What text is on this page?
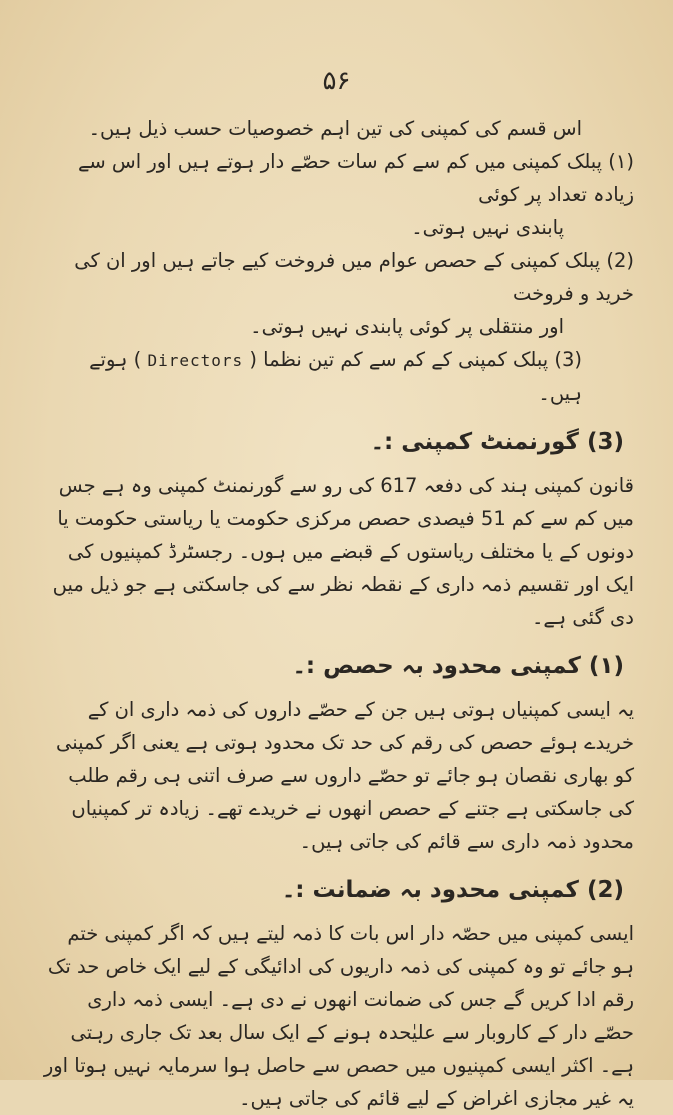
۵۶

اس قسم کی کمپنی کی تین اہم خصوصیات حسب ذیل ہیں۔

(۱) پبلک کمپنی میں کم سے کم سات حصّے دار ہوتے ہیں اور اس سے زیادہ تعداد پر کوئی

پابندی نہیں ہوتی۔

(2) پبلک کمپنی کے حصص عوام میں فروخت کیے جاتے ہیں اور ان کی خرید و فروخت

اور منتقلی پر کوئی پابندی نہیں ہوتی۔

(3) پبلک کمپنی کے کم سے کم تین نظما ( Directors ) ہوتے ہیں۔

(3) گورنمنٹ کمپنی :۔

قانون کمپنی ہند کی دفعہ 617 کی رو سے گورنمنٹ کمپنی وہ ہے جس میں کم سے کم 51 فیصدی حصص مرکزی حکومت یا ریاستی حکومت یا دونوں کے یا مختلف ریاستوں کے قبضے میں ہوں۔ رجسٹرڈ کمپنیوں کی ایک اور تقسیم ذمہ داری کے نقطہ نظر سے کی جاسکتی ہے جو ذیل میں دی گئی ہے۔

(۱) کمپنی محدود بہ حصص :۔

یہ ایسی کمپنیاں ہوتی ہیں جن کے حصّے داروں کی ذمہ داری ان کے خریدے ہوئے حصص کی رقم کی حد تک محدود ہوتی ہے یعنی اگر کمپنی کو بھاری نقصان ہو جائے تو حصّے داروں سے صرف اتنی ہی رقم طلب کی جاسکتی ہے جتنے کے حصص انھوں نے خریدے تھے۔ زیادہ تر کمپنیاں محدود ذمہ داری سے قائم کی جاتی ہیں۔

(2) کمپنی محدود بہ ضمانت :۔

ایسی کمپنی میں حصّہ دار اس بات کا ذمہ لیتے ہیں کہ اگر کمپنی ختم ہو جائے تو وہ کمپنی کی ذمہ داریوں کی ادائیگی کے لیے ایک خاص حد تک رقم ادا کریں گے جس کی ضمانت انھوں نے دی ہے۔ ایسی ذمہ داری حصّے دار کے کاروبار سے علیٰحدہ ہونے کے ایک سال بعد تک جاری رہتی ہے۔ اکثر ایسی کمپنیوں میں حصص سے حاصل ہوا سرمایہ نہیں ہوتا اور یہ غیر مجازی اغراض کے لیے قائم کی جاتی ہیں۔
